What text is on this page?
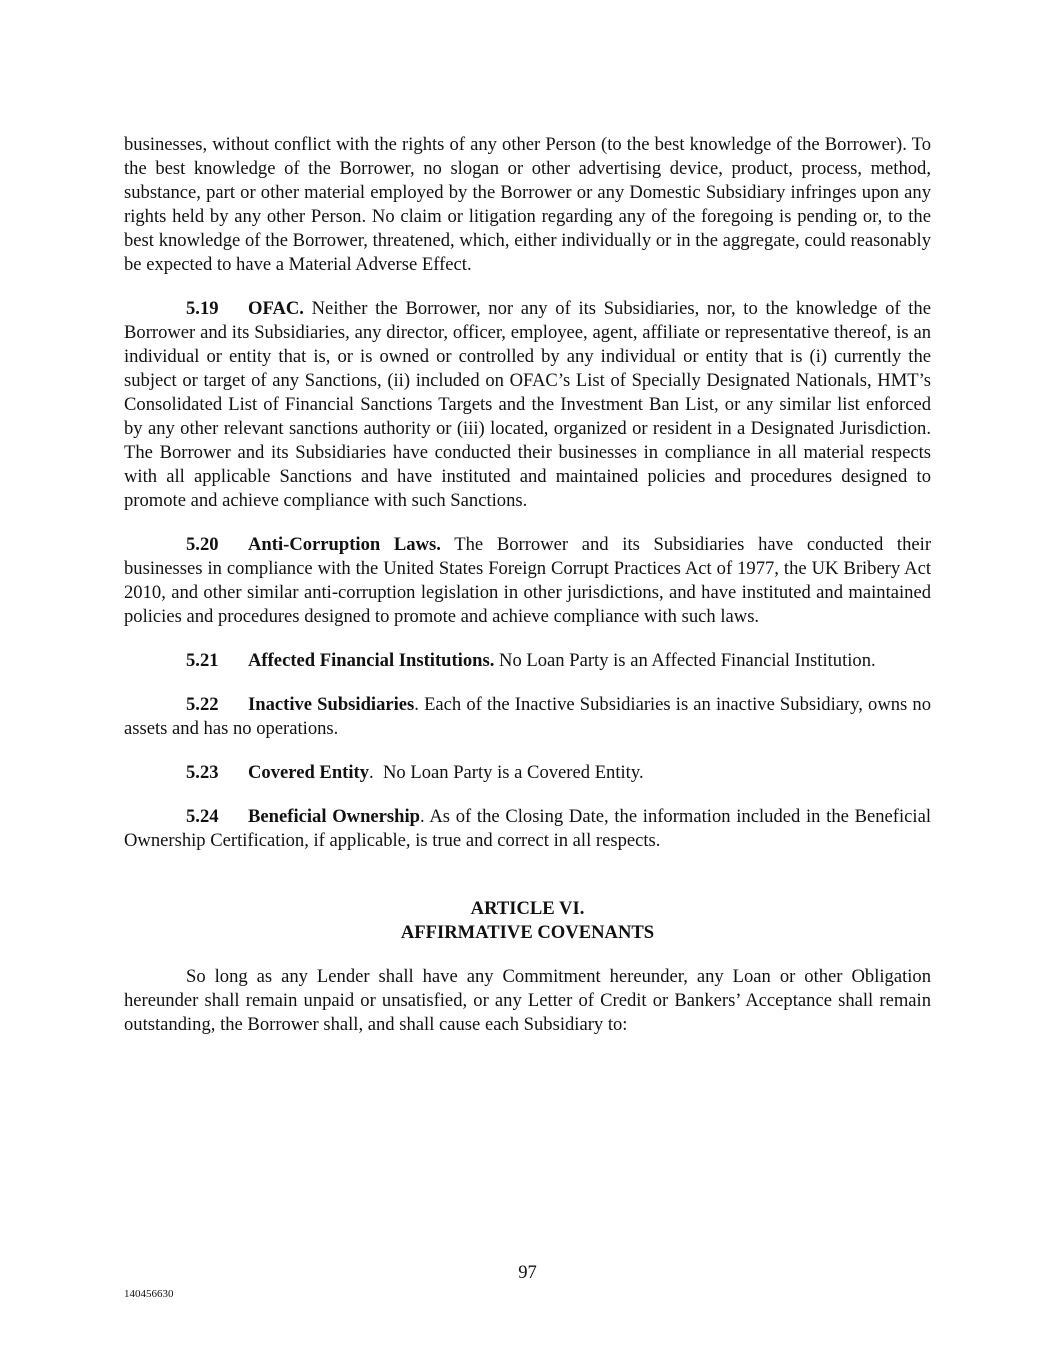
businesses, without conflict with the rights of any other Person (to the best knowledge of the Borrower). To the best knowledge of the Borrower, no slogan or other advertising device, product, process, method, substance, part or other material employed by the Borrower or any Domestic Subsidiary infringes upon any rights held by any other Person. No claim or litigation regarding any of the foregoing is pending or, to the best knowledge of the Borrower, threatened, which, either individually or in the aggregate, could reasonably be expected to have a Material Adverse Effect.

5.19 OFAC. Neither the Borrower, nor any of its Subsidiaries, nor, to the knowledge of the Borrower and its Subsidiaries, any director, officer, employee, agent, affiliate or representative thereof, is an individual or entity that is, or is owned or controlled by any individual or entity that is (i) currently the subject or target of any Sanctions, (ii) included on OFAC’s List of Specially Designated Nationals, HMT’s Consolidated List of Financial Sanctions Targets and the Investment Ban List, or any similar list enforced by any other relevant sanctions authority or (iii) located, organized or resident in a Designated Jurisdiction. The Borrower and its Subsidiaries have conducted their businesses in compliance in all material respects with all applicable Sanctions and have instituted and maintained policies and procedures designed to promote and achieve compliance with such Sanctions.

5.20 Anti-Corruption Laws. The Borrower and its Subsidiaries have conducted their businesses in compliance with the United States Foreign Corrupt Practices Act of 1977, the UK Bribery Act 2010, and other similar anti-corruption legislation in other jurisdictions, and have instituted and maintained policies and procedures designed to promote and achieve compliance with such laws.

5.21 Affected Financial Institutions. No Loan Party is an Affected Financial Institution.

5.22 Inactive Subsidiaries. Each of the Inactive Subsidiaries is an inactive Subsidiary, owns no assets and has no operations.

5.23 Covered Entity.  No Loan Party is a Covered Entity.

5.24 Beneficial Ownership. As of the Closing Date, the information included in the Beneficial Ownership Certification, if applicable, is true and correct in all respects.

ARTICLE VI.
AFFIRMATIVE COVENANTS

So long as any Lender shall have any Commitment hereunder, any Loan or other Obligation hereunder shall remain unpaid or unsatisfied, or any Letter of Credit or Bankers’ Acceptance shall remain outstanding, the Borrower shall, and shall cause each Subsidiary to:

97
140456630
